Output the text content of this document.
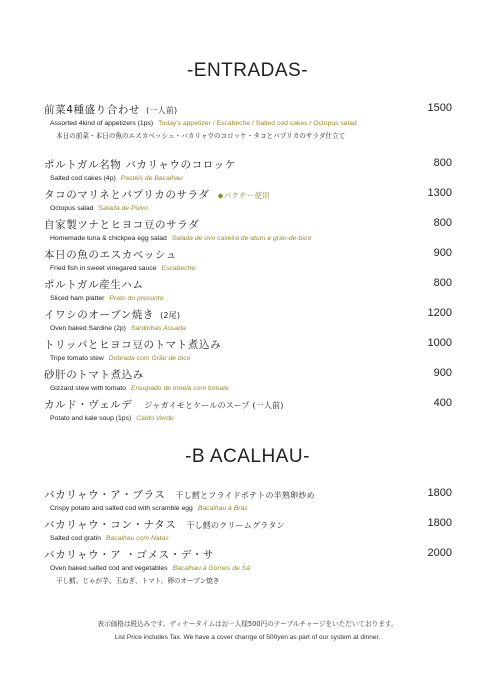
-ENTRADAS-
前菜4種盛り合わせ (一人前)
Assorted 4kind of appetizers (1ps) Today's appetizer / Escabeche / Salted cod cakes / Octopus salad
本日の前菜・本日の魚のエスカベッシュ・バカリャウのコロッケ・タコとパプリカのサラダ仕立て
1500
ポルトガル名物 バカリャウのコロッケ
Salted cod cakes (4p) Pastéis de Bacalhau
800
タコのマリネとパプリカのサラダ ◆パクチー使用
Octopus salad Salada de Polvo
1300
自家製ツナとヒヨコ豆のサラダ
Homemade tuna & chickpea egg salad Salada de ovo caseira de atum e grao-de-bico
800
本日の魚のエスカベッシュ
Fried fish in sweet vinegared sauce Escabeche
900
ポルトガル産生ハム
Sliced ham platter Prato do presunto
800
イワシのオーブン焼き (2尾)
Oven baked Sardine (2p) Sardinhas Assada
1200
トリッパとヒヨコ豆のトマト煮込み
Tripe tomato stew Dobrada com Grão de bico
1000
砂肝のトマト煮込み
Gizzard stew with tomato Ensopado de moela com tomate
900
カルド・ヴェルデ ジャガイモとケールのスープ (一人前)
Potato and kale soup (1ps) Caldo Verde
400
-B ACALHAU-
バカリャウ・ア・ブラス 干し鱈とフライドポテトの半熟卵炒め
Crispy potato and salted cod with scramble egg Bacalhau à Brás
1800
バカリャウ・コン・ナタス 干し鱈のクリームグラタン
Salted cod gratin Bacalhau com Natas
1800
バカリャウ・ア ・ゴメス・デ・サ
Oven baked salted cod and vegetables Bacalhau à Gomes de Sá
干し鱈、じゃが芋、玉ねぎ、トマト、卵のオーブン焼き
2000
表示価格は税込みです。ディナータイムはお一人様500円のテーブルチャージをいただいております。
List Price includes Tax. We have a cover charrge of 500yen as part of our system at dinner.
